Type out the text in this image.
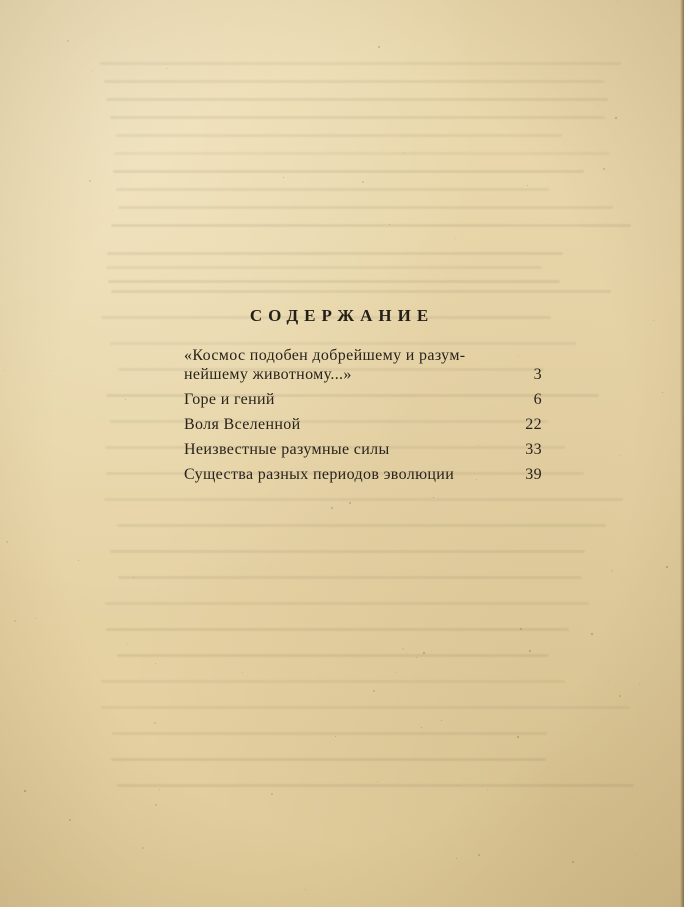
СОДЕРЖАНИЕ
«Космос подобен добрейшему и разум-
нейшему животному...»	3
Горе и гений	6
Воля Вселенной	22
Неизвестные разумные силы	33
Существа разных периодов эволюции	39
